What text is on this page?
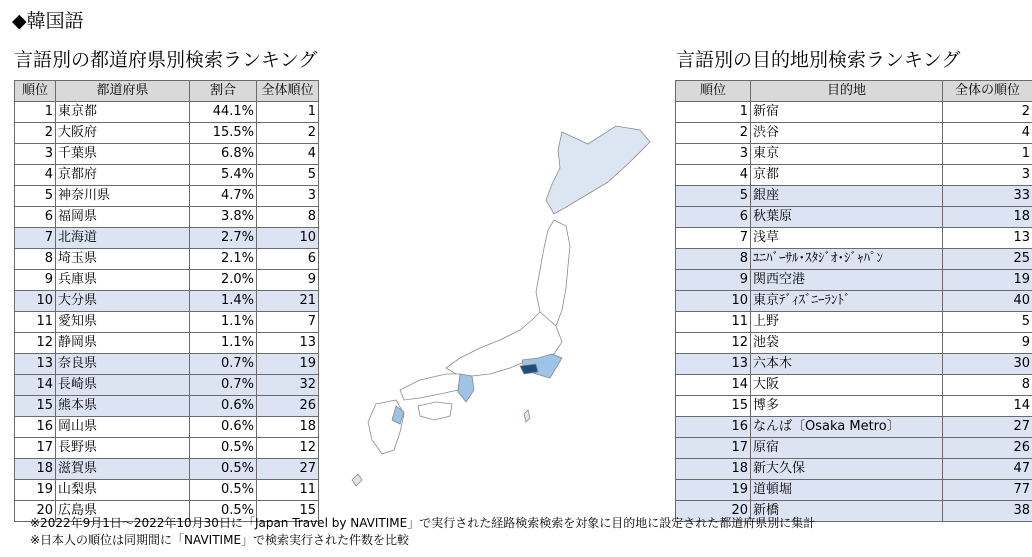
◆韓国語
言語別の都道府県別検索ランキング	言語別の目的地別検索ランキング
順位	都道府県	割合	全体順位
1	東京都	44.1%	1
2	大阪府	15.5%	2
3	千葉県	6.8%	4
4	京都府	5.4%	5
5	神奈川県	4.7%	3
6	福岡県	3.8%	8
7	北海道	2.7%	10
8	埼玉県	2.1%	6
9	兵庫県	2.0%	9
10	大分県	1.4%	21
11	愛知県	1.1%	7
12	静岡県	1.1%	13
13	奈良県	0.7%	19
14	長崎県	0.7%	32
15	熊本県	0.6%	26
16	岡山県	0.6%	18
17	長野県	0.5%	12
18	滋賀県	0.5%	27
19	山梨県	0.5%	11
20	広島県	0.5%	15
順位	目的地	全体の順位
1	新宿	2
2	渋谷	4
3	東京	1
4	京都	3
5	銀座	33
6	秋葉原	18
7	浅草	13
8	ﾕﾆﾊﾞｰｻﾙ･ｽﾀｼﾞｵ･ｼﾞｬﾊﾟﾝ	25
9	関西空港	19
10	東京ﾃﾞｨｽﾞﾆｰﾗﾝﾄﾞ	40
11	上野	5
12	池袋	9
13	六本木	30
14	大阪	8
15	博多	14
16	なんば〔Osaka Metro〕	27
17	原宿	26
18	新大久保	47
19	道頓堀	77
20	新橋	38
※2022年9月1日～2022年10月30日に「Japan Travel by NAVITIME」で実行された経路検索検索を対象に目的地に設定された都道府県別に集計
※日本人の順位は同期間に「NAVITIME」で検索実行された件数を比較
